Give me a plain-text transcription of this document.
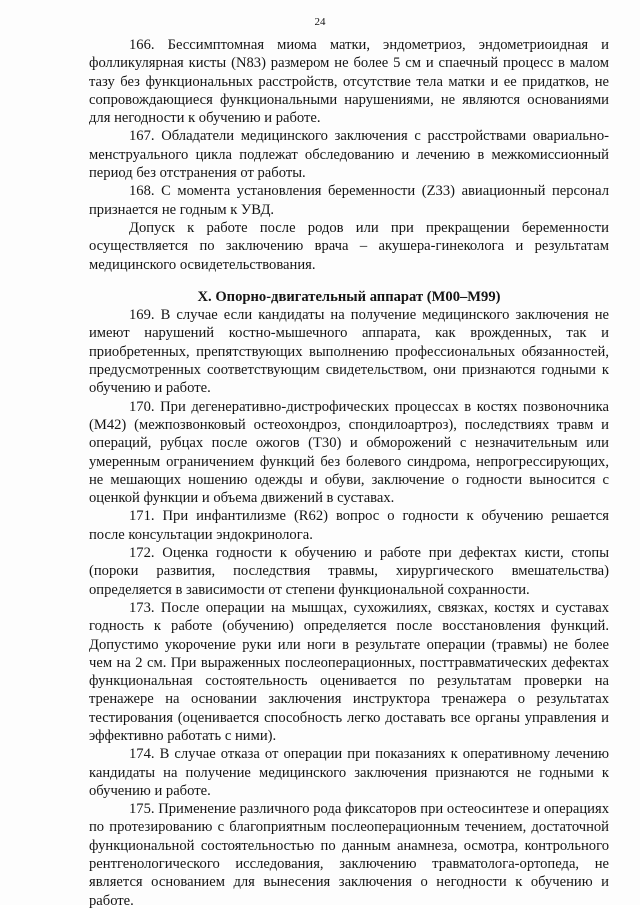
24

166. Бессимптомная миома матки, эндометриоз, эндометриоидная и фолликулярная кисты (N83) размером не более 5 см и спаечный процесс в малом тазу без функциональных расстройств, отсутствие тела матки и ее придатков, не сопровождающиеся функциональными нарушениями, не являются основаниями для негодности к обучению и работе.

167. Обладатели медицинского заключения с расстройствами овариально-менструального цикла подлежат обследованию и лечению в межкомиссионный период без отстранения от работы.

168. С момента установления беременности (Z33) авиационный персонал признается не годным к УВД.

Допуск к работе после родов или при прекращении беременности осуществляется по заключению врача – акушера-гинеколога и результатам медицинского освидетельствования.

X. Опорно-двигательный аппарат (M00–M99)

169. В случае если кандидаты на получение медицинского заключения не имеют нарушений костно-мышечного аппарата, как врожденных, так и приобретенных, препятствующих выполнению профессиональных обязанностей, предусмотренных соответствующим свидетельством, они признаются годными к обучению и работе.

170. При дегенеративно-дистрофических процессах в костях позвоночника (M42) (межпозвонковый остеохондроз, спондилоартроз), последствиях травм и операций, рубцах после ожогов (T30) и обморожений с незначительным или умеренным ограничением функций без болевого синдрома, непрогрессирующих, не мешающих ношению одежды и обуви, заключение о годности выносится с оценкой функции и объема движений в суставах.

171. При инфантилизме (R62) вопрос о годности к обучению решается после консультации эндокринолога.

172. Оценка годности к обучению и работе при дефектах кисти, стопы (пороки развития, последствия травмы, хирургического вмешательства) определяется в зависимости от степени функциональной сохранности.

173. После операции на мышцах, сухожилиях, связках, костях и суставах годность к работе (обучению) определяется после восстановления функций. Допустимо укорочение руки или ноги в результате операции (травмы) не более чем на 2 см. При выраженных послеоперационных, посттравматических дефектах функциональная состоятельность оценивается по результатам проверки на тренажере на основании заключения инструктора тренажера о результатах тестирования (оценивается способность легко доставать все органы управления и эффективно работать с ними).

174. В случае отказа от операции при показаниях к оперативному лечению кандидаты на получение медицинского заключения признаются не годными к обучению и работе.

175. Применение различного рода фиксаторов при остеосинтезе и операциях по протезированию с благоприятным послеоперационным течением, достаточной функциональной состоятельностью по данным анамнеза, осмотра, контрольного рентгенологического исследования, заключению травматолога-ортопеда, не является основанием для вынесения заключения о негодности к обучению и работе.
